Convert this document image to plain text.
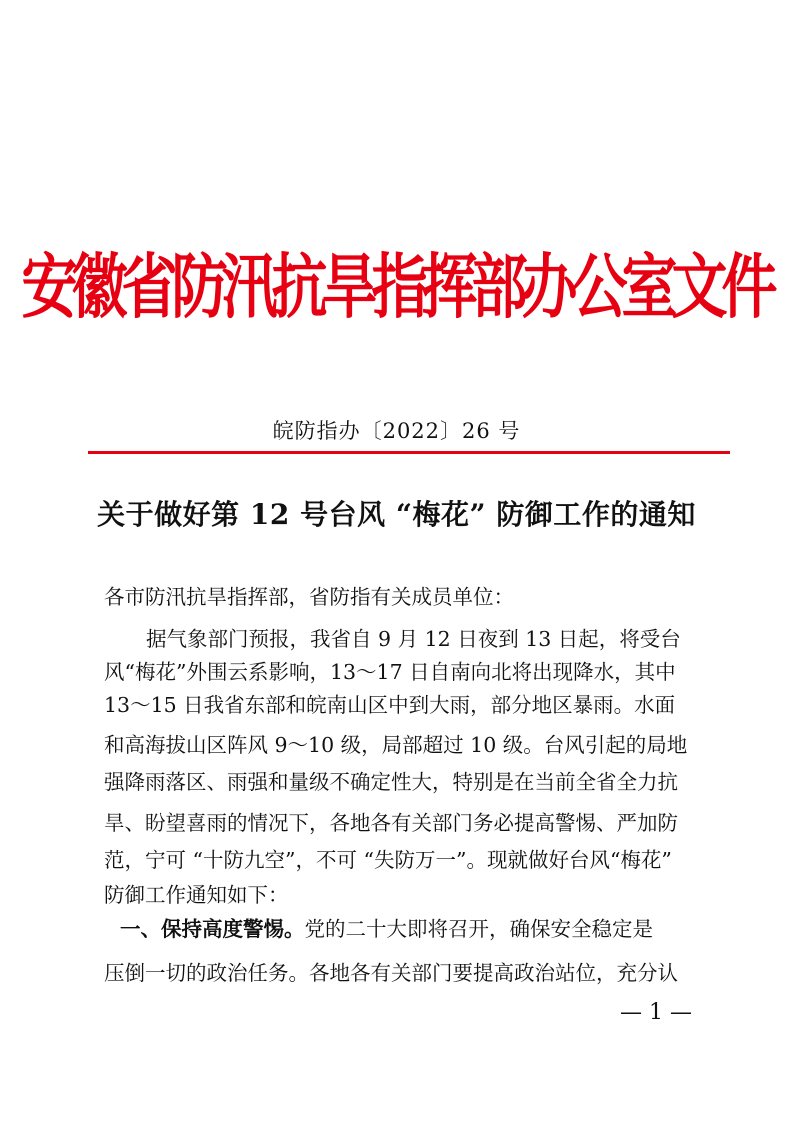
安徽省防汛抗旱指挥部办公室文件
皖防指办〔2022〕26 号
关于做好第 12 号台风 “梅花” 防御工作的通知
各市防汛抗旱指挥部，省防指有关成员单位：
据气象部门预报，我省自 9 月 12 日夜到 13 日起，将受台
风“梅花”外围云系影响，13～17 日自南向北将出现降水，其中
13～15 日我省东部和皖南山区中到大雨，部分地区暴雨。水面
和高海拔山区阵风 9～10 级，局部超过 10 级。台风引起的局地
强降雨落区、雨强和量级不确定性大，特别是在当前全省全力抗
旱、盼望喜雨的情况下，各地各有关部门务必提高警惕、严加防
范，宁可 “十防九空”，不可 “失防万一”。现就做好台风“梅花”
防御工作通知如下：
一、保持高度警惕。党的二十大即将召开，确保安全稳定是
压倒一切的政治任务。各地各有关部门要提高政治站位，充分认
— 1 —
